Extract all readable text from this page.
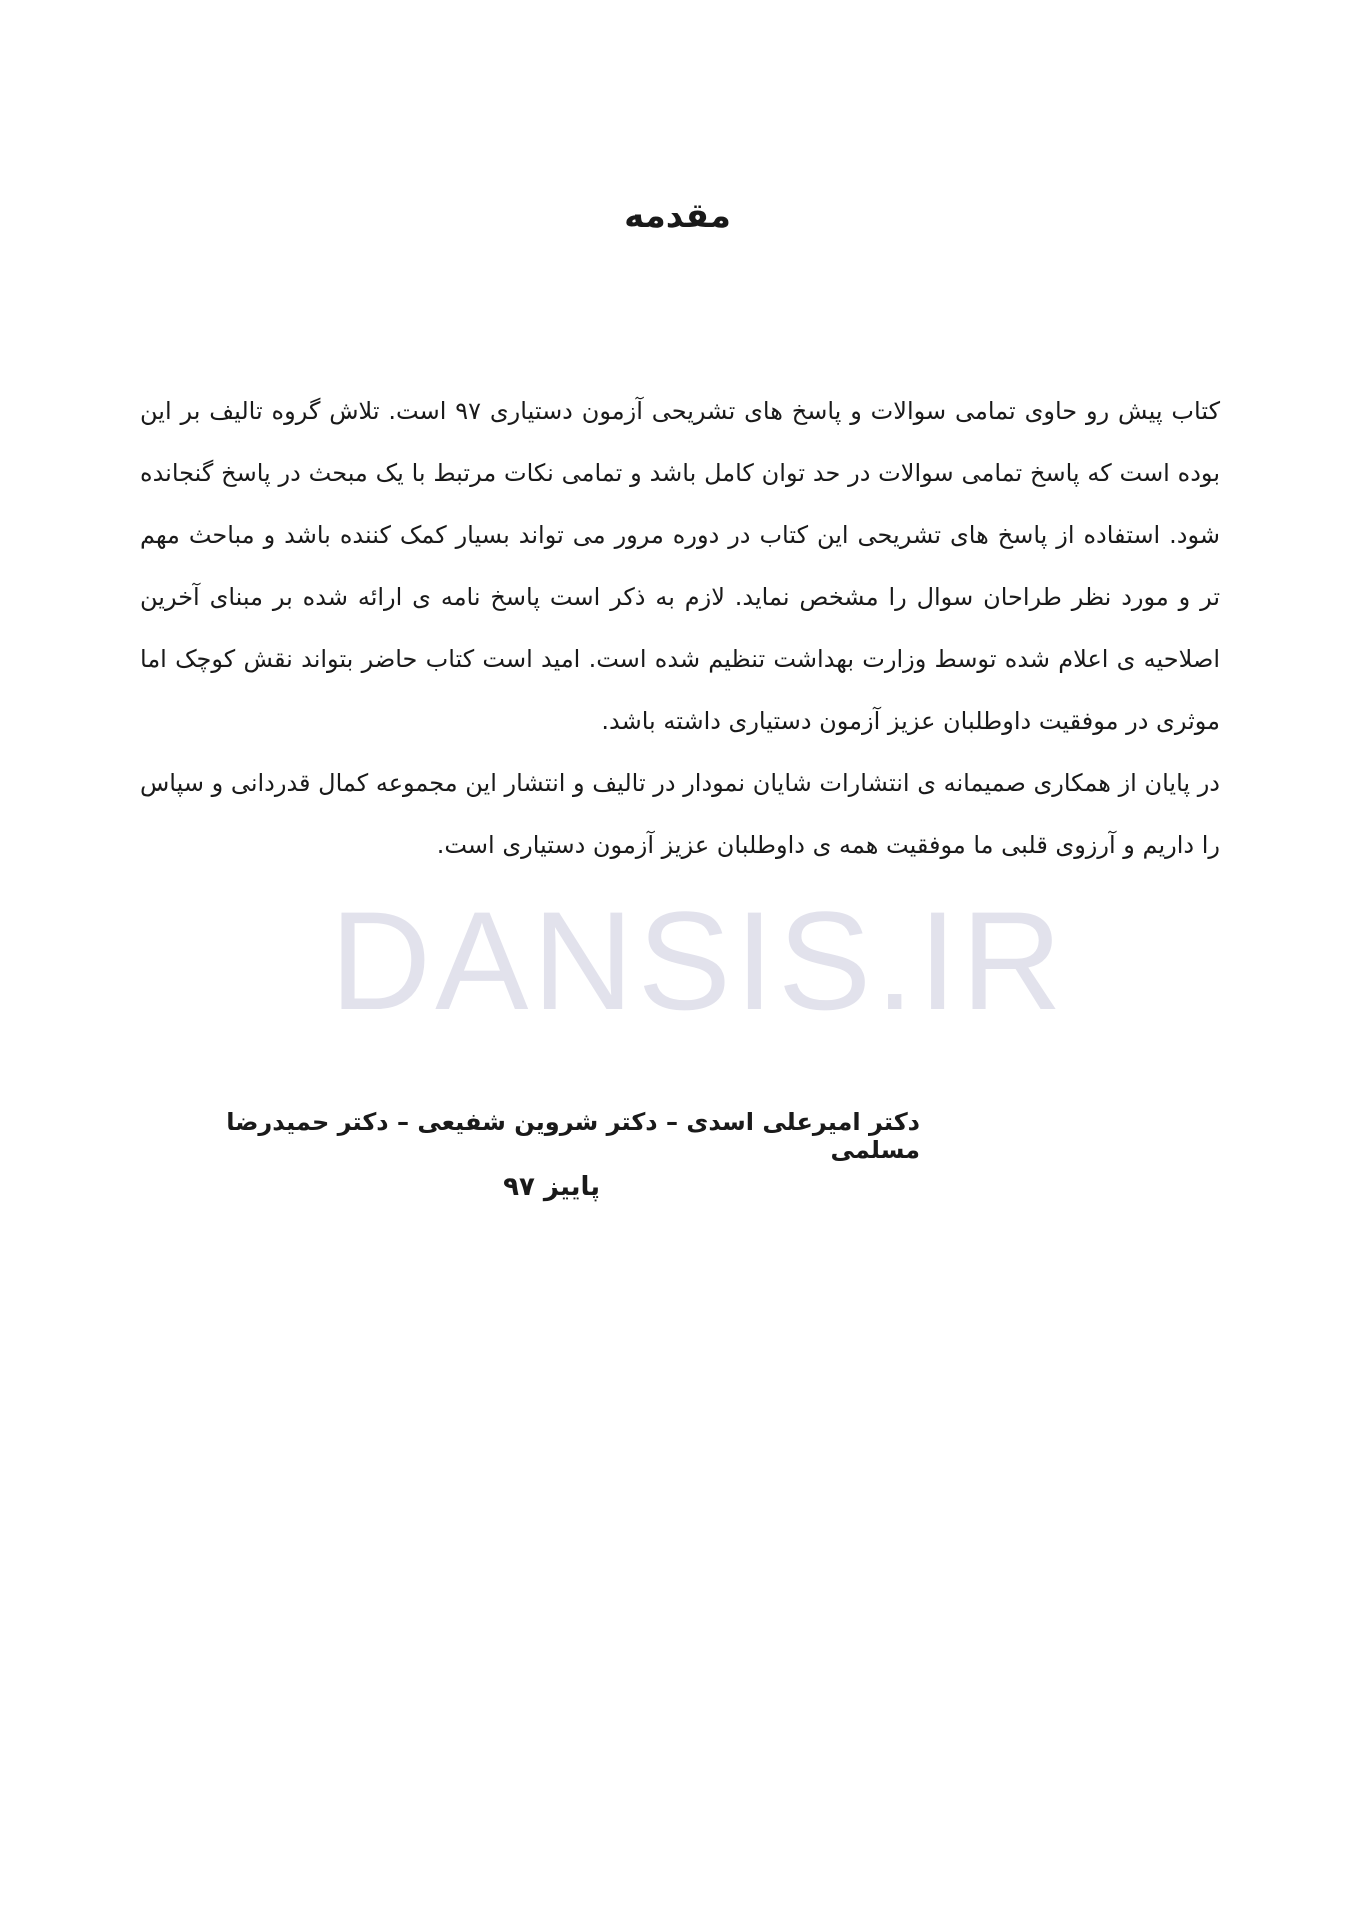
DANSIS.IR
مقدمه

کتاب پیش رو حاوی تمامی سوالات و پاسخ های تشریحی آزمون دستیاری ۹۷ است. تلاش گروه تالیف بر این بوده است که پاسخ تمامی سوالات در حد توان کامل باشد و تمامی نکات مرتبط با یک مبحث در پاسخ گنجانده شود. استفاده از پاسخ های تشریحی این کتاب در دوره مرور می تواند بسیار کمک کننده باشد و مباحث مهم تر و مورد نظر طراحان سوال را مشخص نماید. لازم به ذکر است پاسخ نامه ی ارائه شده بر مبنای آخرین اصلاحیه ی اعلام شده توسط وزارت بهداشت تنظیم شده است. امید است کتاب حاضر بتواند نقش کوچک اما موثری در موفقیت داوطلبان عزیز آزمون دستیاری داشته باشد.

در پایان از همکاری صمیمانه ی انتشارات شایان نمودار در تالیف و انتشار این مجموعه کمال قدردانی و سپاس را داریم و آرزوی قلبی ما موفقیت همه ی داوطلبان عزیز آزمون دستیاری است.

دکتر امیرعلی اسدی – دکتر شروین شفیعی – دکتر حمیدرضا مسلمی
پاییز ۹۷
